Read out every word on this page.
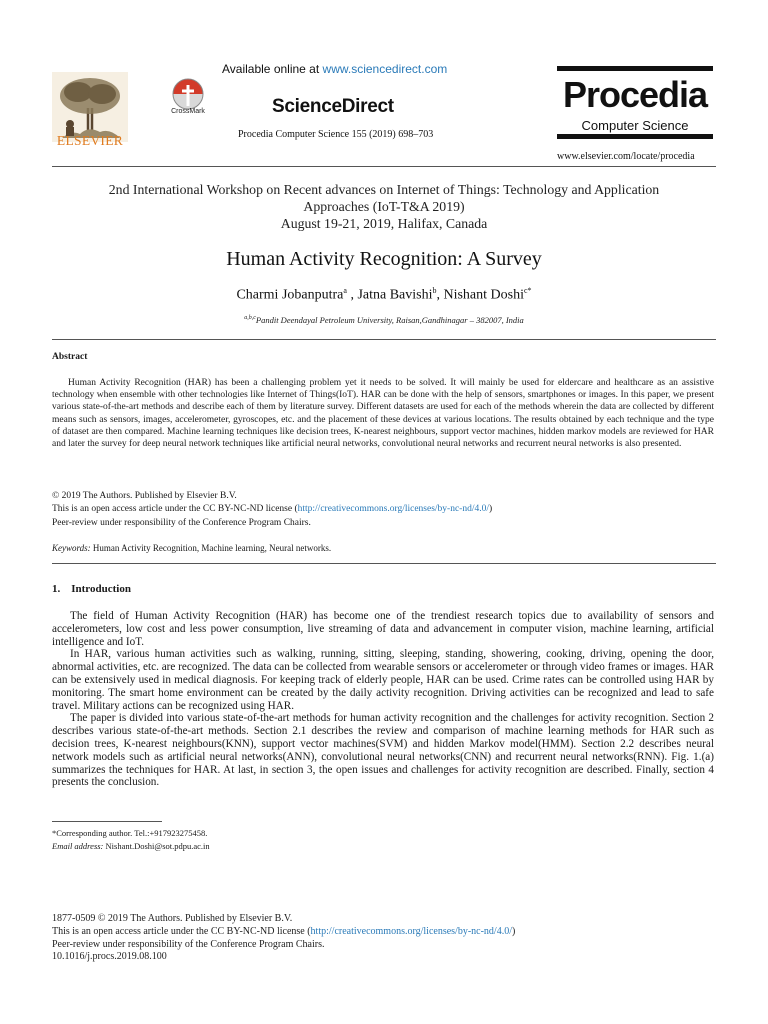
ELSEVIER
CrossMark
Available online at www.sciencedirect.com
ScienceDirect
Procedia Computer Science 155 (2019) 698–703
Procedia
Computer Science
www.elsevier.com/locate/procedia
2nd International Workshop on Recent advances on Internet of Things: Technology and Application
Approaches (IoT-T&A 2019)
August 19-21, 2019, Halifax, Canada
Human Activity Recognition: A Survey
Charmi Jobanputra$^a$ , Jatna Bavishi$^b$, Nishant Doshi$^{c*}$
$^{a,b,c}$Pandit Deendayal Petroleum University, Raisan,Gandhinagar – 382007, India
Abstract

Human Activity Recognition (HAR) has been a challenging problem yet it needs to be solved. It will mainly be used for eldercare and healthcare as an assistive technology when ensemble with other technologies like Internet of Things(IoT). HAR can be done with the help of sensors, smartphones or images. In this paper, we present various state-of-the-art methods and describe each of them by literature survey. Different datasets are used for each of the methods wherein the data are collected by different means such as sensors, images, accelerometer, gyroscopes, etc. and the placement of these devices at various locations. The results obtained by each technique and the type of dataset are then compared. Machine learning techniques like decision trees, K-nearest neighbours, support vector machines, hidden markov models are reviewed for HAR and later the survey for deep neural network techniques like artificial neural networks, convolutional neural networks and recurrent neural networks is also presented.

© 2019 The Authors. Published by Elsevier B.V.
This is an open access article under the CC BY-NC-ND license (http://creativecommons.org/licenses/by-nc-nd/4.0/)
Peer-review under responsibility of the Conference Program Chairs.
Keywords: Human Activity Recognition, Machine learning, Neural networks.
1.    Introduction

The field of Human Activity Recognition (HAR) has become one of the trendiest research topics due to availability of sensors and accelerometers, low cost and less power consumption, live streaming of data and advancement in computer vision, machine learning, artificial intelligence and IoT.

In HAR, various human activities such as walking, running, sitting, sleeping, standing, showering, cooking, driving, opening the door, abnormal activities, etc. are recognized. The data can be collected from wearable sensors or accelerometer or through video frames or images. HAR can be extensively used in medical diagnosis. For keeping track of elderly people, HAR can be used. Crime rates can be controlled using HAR by monitoring. The smart home environment can be created by the daily activity recognition. Driving activities can be recognized and lead to safe travel. Military actions can be recognized using HAR.

The paper is divided into various state-of-the-art methods for human activity recognition and the challenges for activity recognition. Section 2 describes various state-of-the-art methods. Section 2.1 describes the review and comparison of machine learning methods for HAR such as decision trees, K-nearest neighbours(KNN), support vector machines(SVM) and hidden Markov model(HMM). Section 2.2 describes neural network models such as artificial neural networks(ANN), convolutional neural networks(CNN) and recurrent neural networks(RNN). Fig. 1.(a) summarizes the techniques for HAR. At last, in section 3, the open issues and challenges for activity recognition are described. Finally, section 4 presents the conclusion.

*Corresponding author. Tel.:+917923275458.
Email address: Nishant.Doshi@sot.pdpu.ac.in
1877-0509 © 2019 The Authors. Published by Elsevier B.V.
This is an open access article under the CC BY-NC-ND license (http://creativecommons.org/licenses/by-nc-nd/4.0/)
Peer-review under responsibility of the Conference Program Chairs.
10.1016/j.procs.2019.08.100
